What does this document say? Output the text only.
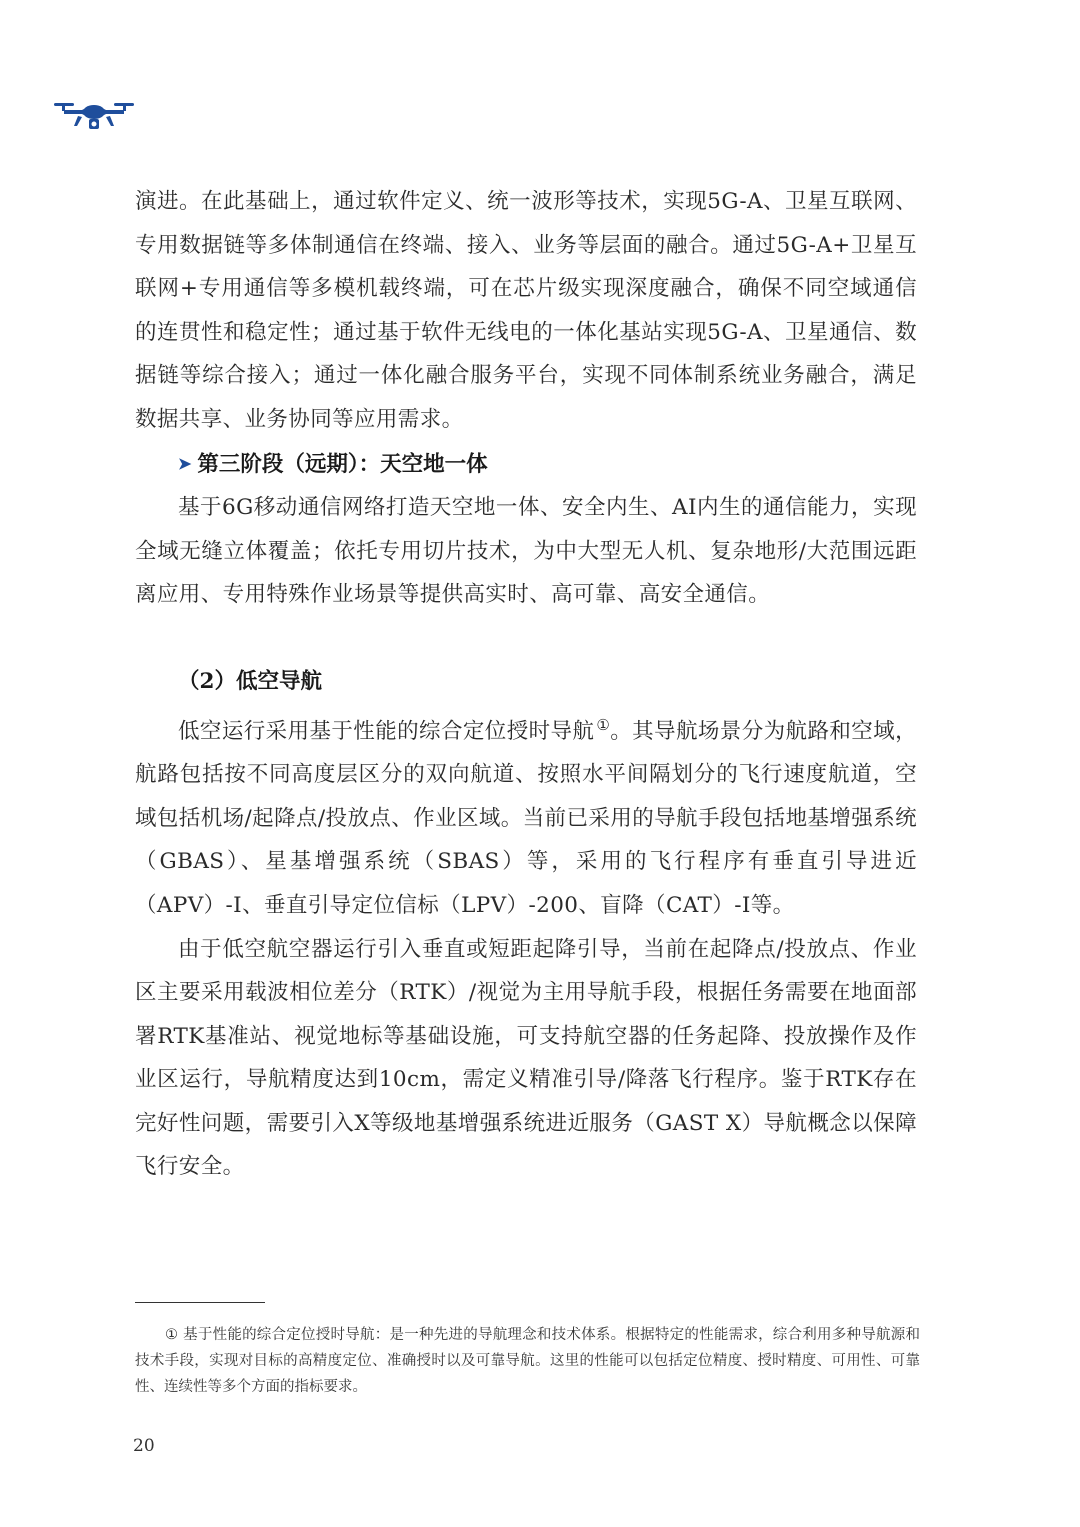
演进。在此基础上，通过软件定义、统一波形等技术，实现5G-A、卫星互联网、专用数据链等多体制通信在终端、接入、业务等层面的融合。通过5G-A+卫星互联网+专用通信等多模机载终端，可在芯片级实现深度融合，确保不同空域通信的连贯性和稳定性；通过基于软件无线电的一体化基站实现5G-A、卫星通信、数据链等综合接入；通过一体化融合服务平台，实现不同体制系统业务融合，满足数据共享、业务协同等应用需求。

➤ 第三阶段（远期）：天空地一体

基于6G移动通信网络打造天空地一体、安全内生、AI内生的通信能力，实现全域无缝立体覆盖；依托专用切片技术，为中大型无人机、复杂地形/大范围远距离应用、专用特殊作业场景等提供高实时、高可靠、高安全通信。

（2）低空导航

低空运行采用基于性能的综合定位授时导航 ①。其导航场景分为航路和空域，航路包括按不同高度层区分的双向航道、按照水平间隔划分的飞行速度航道，空域包括机场/起降点/投放点、作业区域。当前已采用的导航手段包括地基增强系统（GBAS）、星基增强系统（SBAS）等，采用的飞行程序有垂直引导进近（APV）-I、垂直引导定位信标（LPV）-200、盲降（CAT）-I等。

由于低空航空器运行引入垂直或短距起降引导，当前在起降点/投放点、作业区主要采用载波相位差分（RTK）/视觉为主用导航手段，根据任务需要在地面部署RTK基准站、视觉地标等基础设施，可支持航空器的任务起降、投放操作及作业区运行，导航精度达到10cm，需定义精准引导/降落飞行程序。鉴于RTK存在完好性问题，需要引入X等级地基增强系统进近服务（GAST X）导航概念以保障飞行安全。

① 基于性能的综合定位授时导航：是一种先进的导航理念和技术体系。根据特定的性能需求，综合利用多种导航源和技术手段，实现对目标的高精度定位、准确授时以及可靠导航。这里的性能可以包括定位精度、授时精度、可用性、可靠性、连续性等多个方面的指标要求。

20
